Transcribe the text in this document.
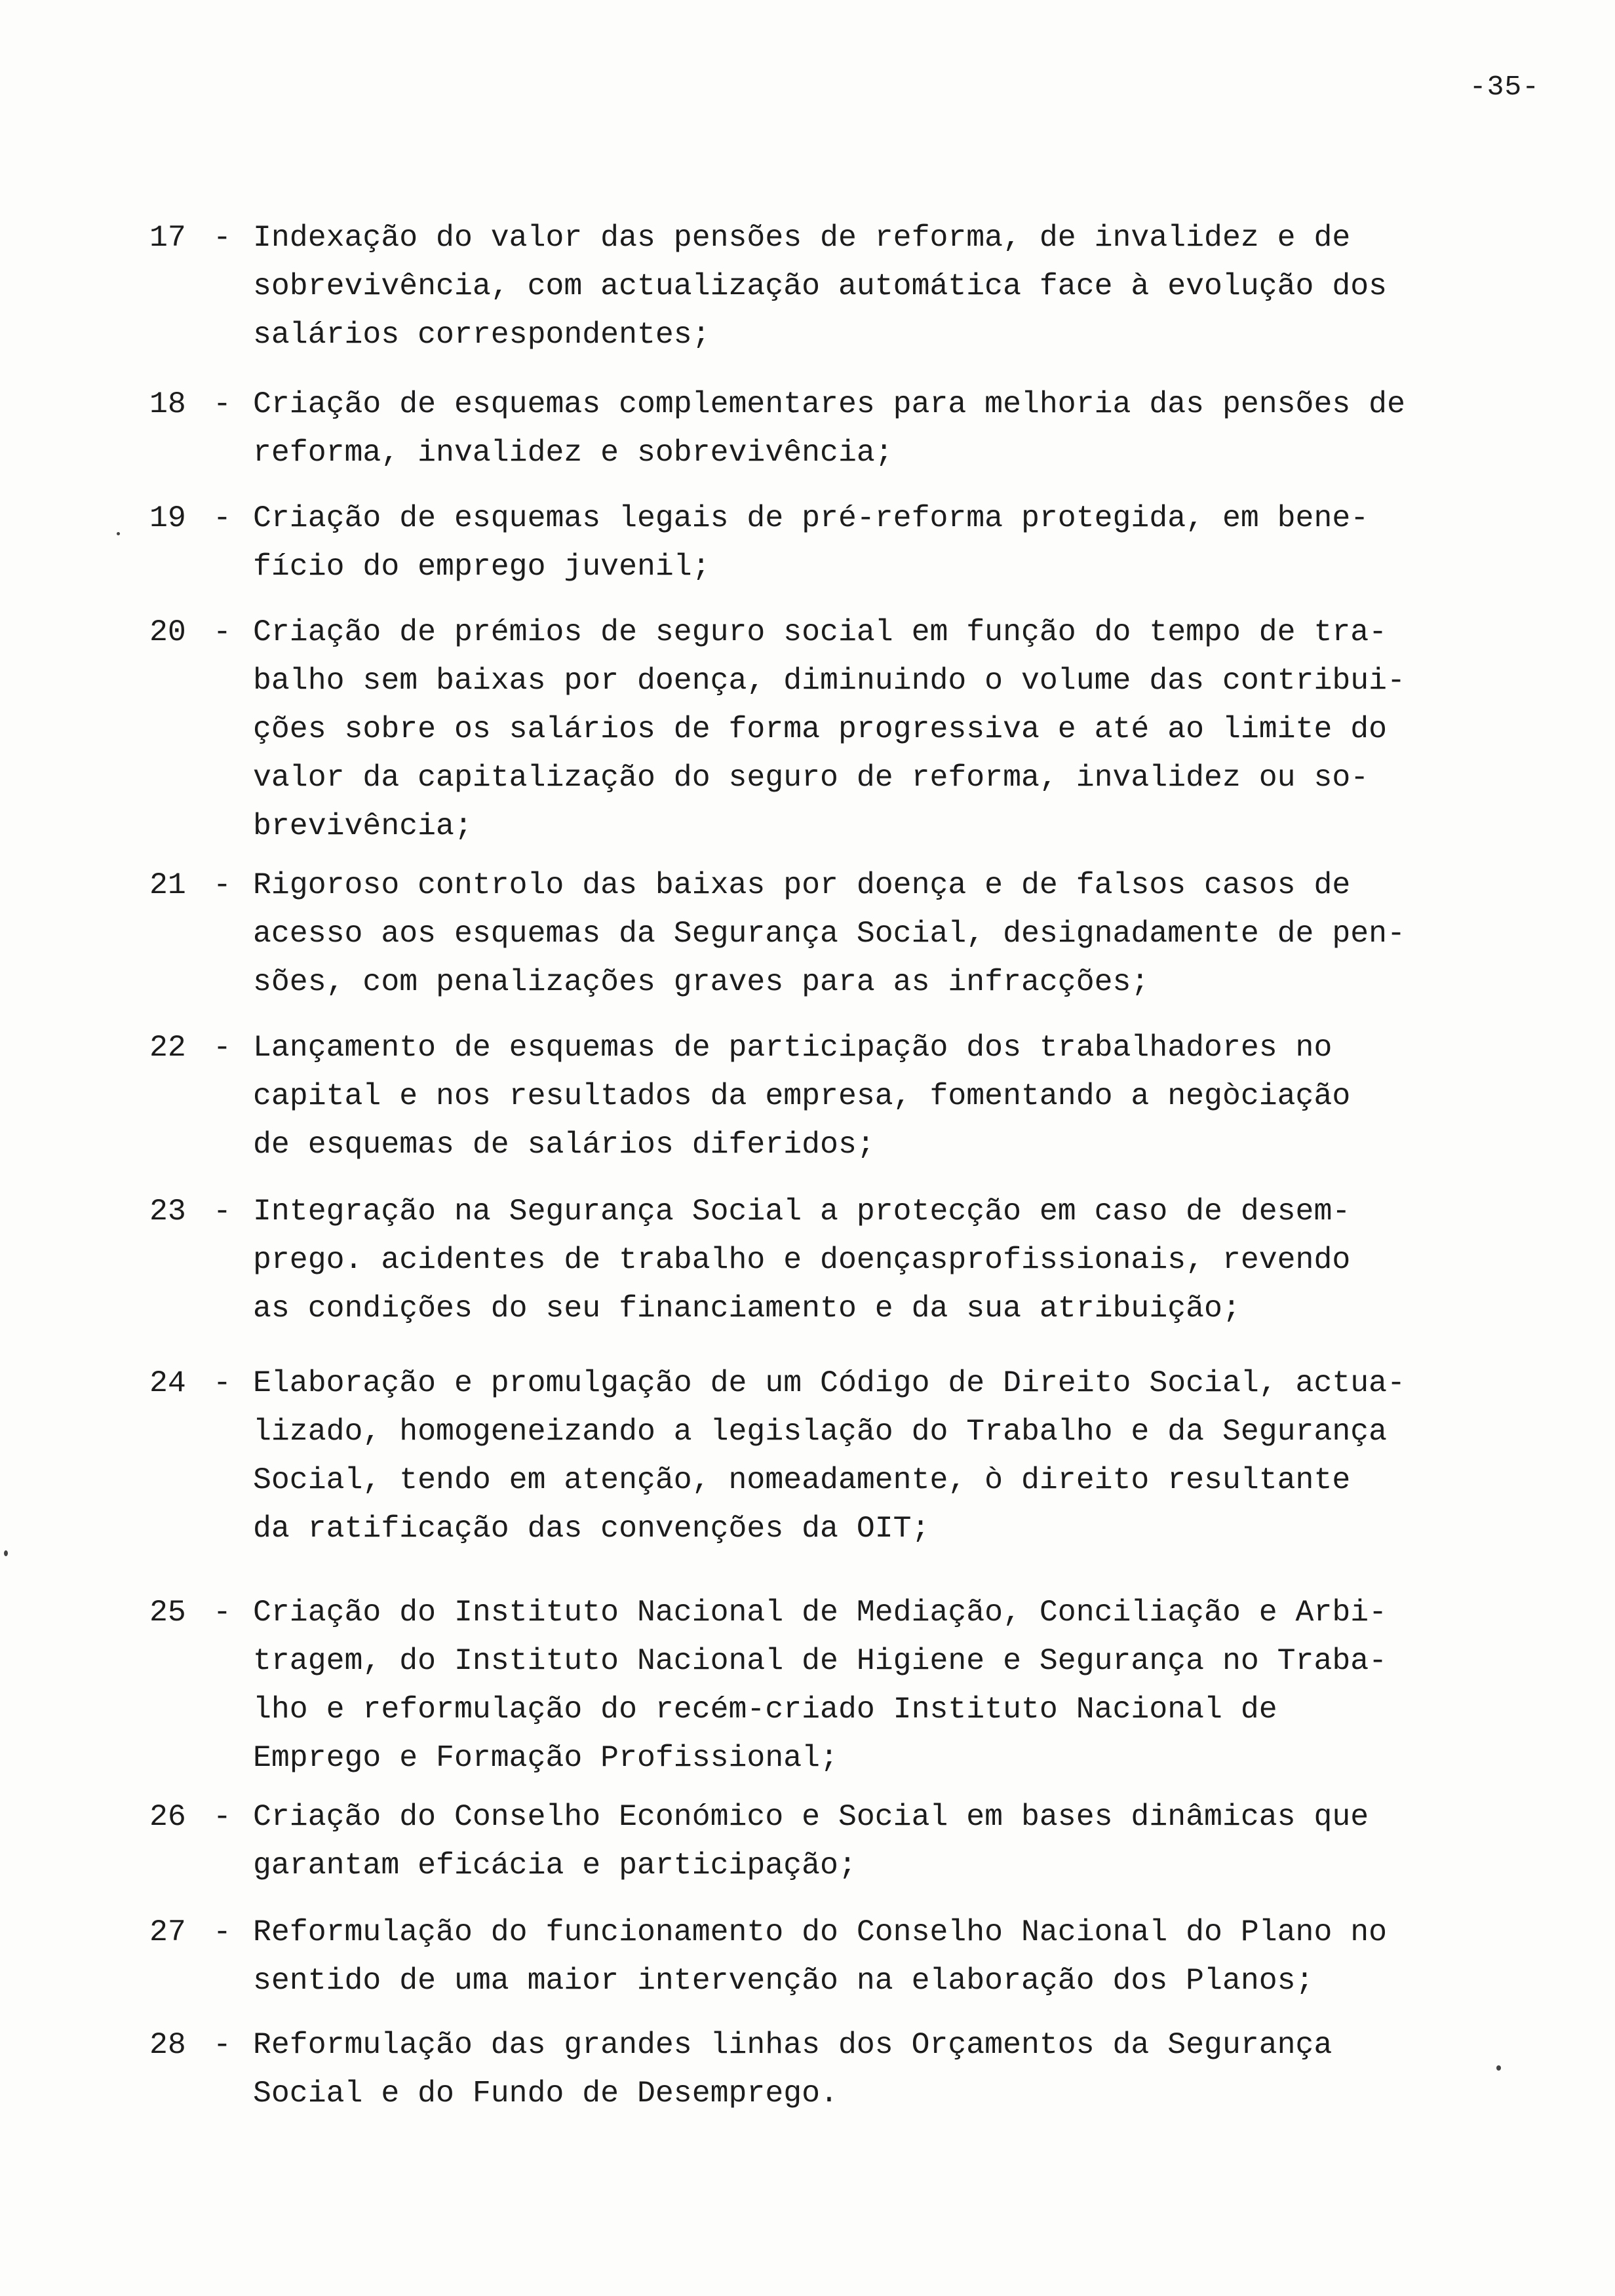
-35-
17 - Indexação do valor das pensões de reforma, de invalidez e de
sobrevivência, com actualização automática face à evolução dos
salários correspondentes;
18 - Criação de esquemas complementares para melhoria das pensões de
reforma, invalidez e sobrevivência;
19 - Criação de esquemas legais de pré-reforma protegida, em bene-
fício do emprego juvenil;
20 - Criação de prémios de seguro social em função do tempo de tra-
balho sem baixas por doença, diminuindo o volume das contribui-
ções sobre os salários de forma progressiva e até ao limite do
valor da capitalização do seguro de reforma, invalidez ou so-
brevivência;
21 - Rigoroso controlo das baixas por doença e de falsos casos de
acesso aos esquemas da Segurança Social, designadamente de pen-
sões, com penalizações graves para as infracções;
22 - Lançamento de esquemas de participação dos trabalhadores no
capital e nos resultados da empresa, fomentando a negòciação
de esquemas de salários diferidos;
23 - Integração na Segurança Social a protecção em caso de desem-
prego. acidentes de trabalho e doençasprofissionais, revendo
as condições do seu financiamento e da sua atribuição;
24 - Elaboração e promulgação de um Código de Direito Social, actua-
lizado, homogeneizando a legislação do Trabalho e da Segurança
Social, tendo em atenção, nomeadamente, ò direito resultante
da ratificação das convenções da OIT;
25 - Criação do Instituto Nacional de Mediação, Conciliação e Arbi-
tragem, do Instituto Nacional de Higiene e Segurança no Traba-
lho e reformulação do recém-criado Instituto Nacional de
Emprego e Formação Profissional;
26 - Criação do Conselho Económico e Social em bases dinâmicas que
garantam eficácia e participação;
27 - Reformulação do funcionamento do Conselho Nacional do Plano no
sentido de uma maior intervenção na elaboração dos Planos;
28 - Reformulação das grandes linhas dos Orçamentos da Segurança
Social e do Fundo de Desemprego.
